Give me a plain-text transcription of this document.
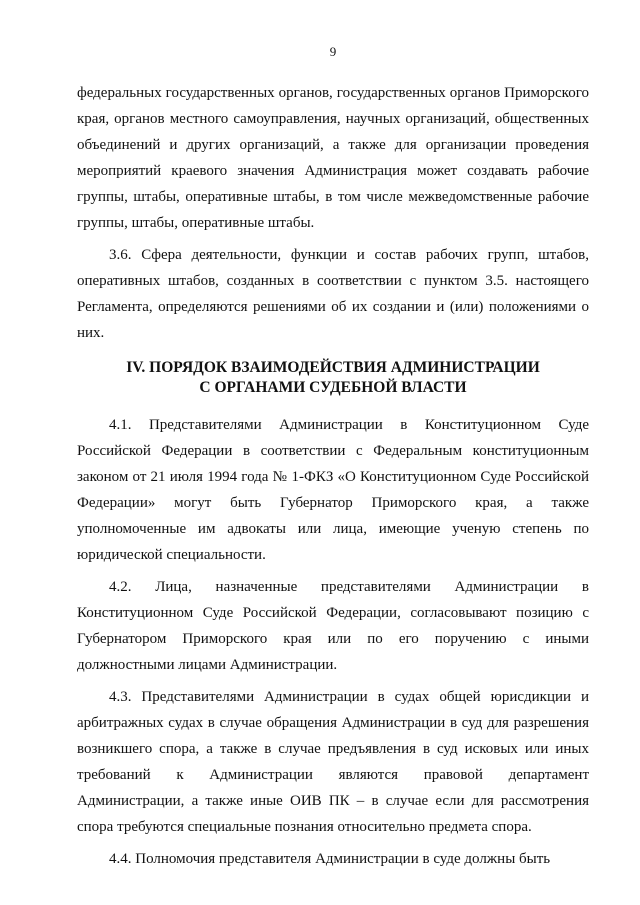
9

федеральных государственных органов, государственных органов Приморского края, органов местного самоуправления, научных организаций, общественных объединений и других организаций, а также для организации проведения мероприятий краевого значения Администрация может создавать рабочие группы, штабы, оперативные штабы, в том числе межведомственные рабочие группы, штабы, оперативные штабы.

3.6. Сфера деятельности, функции и состав рабочих групп, штабов, оперативных штабов, созданных в соответствии с пунктом 3.5. настоящего Регламента, определяются решениями об их создании и (или) положениями о них.

IV. ПОРЯДОК ВЗАИМОДЕЙСТВИЯ АДМИНИСТРАЦИИ
С ОРГАНАМИ СУДЕБНОЙ ВЛАСТИ

4.1. Представителями Администрации в Конституционном Суде Российской Федерации в соответствии с Федеральным конституционным законом от 21 июля 1994 года № 1-ФКЗ «О Конституционном Суде Российской Федерации» могут быть Губернатор Приморского края, а также уполномоченные им адвокаты или лица, имеющие ученую степень по юридической специальности.

4.2. Лица, назначенные представителями Администрации в Конституционном Суде Российской Федерации, согласовывают позицию с Губернатором Приморского края или по его поручению с иными должностными лицами Администрации.

4.3. Представителями Администрации в судах общей юрисдикции и арбитражных судах в случае обращения Администрации в суд для разрешения возникшего спора, а также в случае предъявления в суд исковых или иных требований к Администрации являются правовой департамент Администрации, а также иные ОИВ ПК – в случае если для рассмотрения спора требуются специальные познания относительно предмета спора.

4.4. Полномочия представителя Администрации в суде должны быть
